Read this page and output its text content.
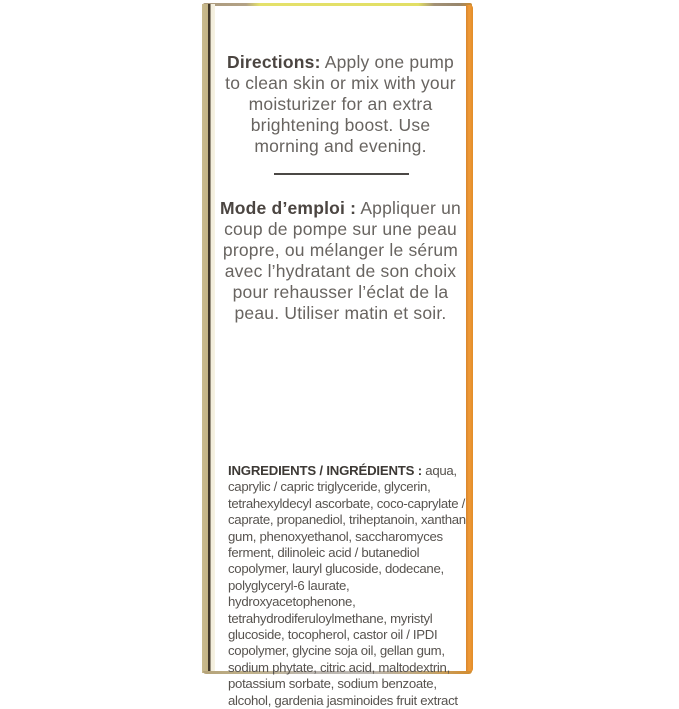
Directions: Apply one pump to clean skin or mix with your moisturizer for an extra brightening boost. Use morning and evening.

Mode d’emploi : Appliquer un coup de pompe sur une peau propre, ou mélanger le sérum avec l’hydratant de son choix pour rehausser l’éclat de la peau. Utiliser matin et soir.

INGREDIENTS / INGRÉDIENTS : aqua, caprylic / capric triglyceride, glycerin, tetrahexyldecyl ascorbate, coco-caprylate / caprate, propanediol, triheptanoin, xanthan gum, phenoxyethanol, saccharomyces ferment, dilinoleic acid / butanediol copolymer, lauryl glucoside, dodecane, polyglyceryl-6 laurate, hydroxyacetophenone, tetrahydrodiferuloylmethane, myristyl glucoside, tocopherol, castor oil / IPDI copolymer, glycine soja oil, gellan gum, sodium phytate, citric acid, maltodextrin, potassium sorbate, sodium benzoate, alcohol, gardenia jasminoides fruit extract
